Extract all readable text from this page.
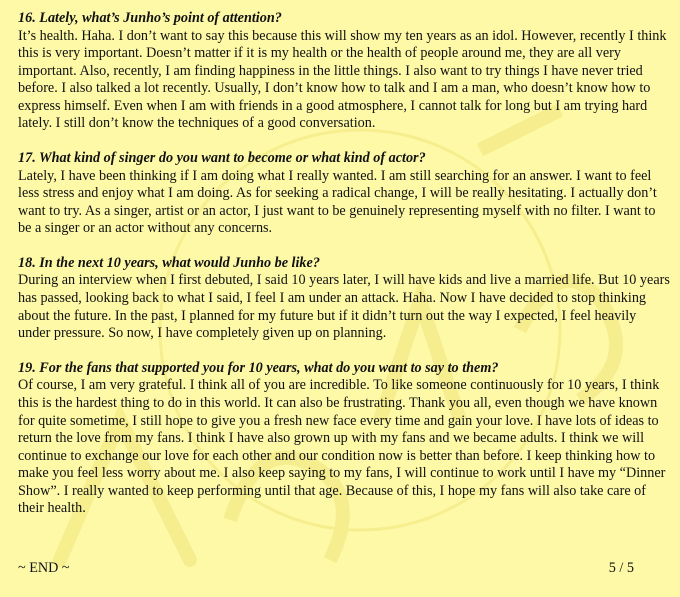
16. Lately, what’s Junho’s point of attention?

It’s health. Haha. I don’t want to say this because this will show my ten years as an idol. However, recently I think this is very important. Doesn’t matter if it is my health or the health of people around me, they are all very important. Also, recently, I am finding happiness in the little things. I also want to try things I have never tried before. I also talked a lot recently. Usually, I don’t know how to talk and I am a man, who doesn’t know how to express himself. Even when I am with friends in a good atmosphere, I cannot talk for long but I am trying hard lately. I still don’t know the techniques of a good conversation.

17. What kind of singer do you want to become or what kind of actor?

Lately, I have been thinking if I am doing what I really wanted. I am still searching for an answer. I want to feel less stress and enjoy what I am doing. As for seeking a radical change, I will be really hesitating. I actually don’t want to try. As a singer, artist or an actor, I just want to be genuinely representing myself with no filter. I want to be a singer or an actor without any concerns.

18. In the next 10 years, what would Junho be like?

During an interview when I first debuted, I said 10 years later, I will have kids and live a married life. But 10 years has passed, looking back to what I said, I feel I am under an attack. Haha. Now I have decided to stop thinking about the future. In the past, I planned for my future but if it didn’t turn out the way I expected, I feel heavily under pressure. So now, I have completely given up on planning.

19. For the fans that supported you for 10 years, what do you want to say to them?

Of course, I am very grateful. I think all of you are incredible. To like someone continuously for 10 years, I think this is the hardest thing to do in this world. It can also be frustrating. Thank you all, even though we have known for quite sometime, I still hope to give you a fresh new face every time and gain your love. I have lots of ideas to return the love from my fans. I think I have also grown up with my fans and we became adults. I think we will continue to exchange our love for each other and our condition now is better than before. I keep thinking how to make you feel less worry about me. I also keep saying to my fans, I will continue to work until I have my “Dinner Show”. I really wanted to keep performing until that age. Because of this, I hope my fans will also take care of their health.

~ END ~	5 / 5
